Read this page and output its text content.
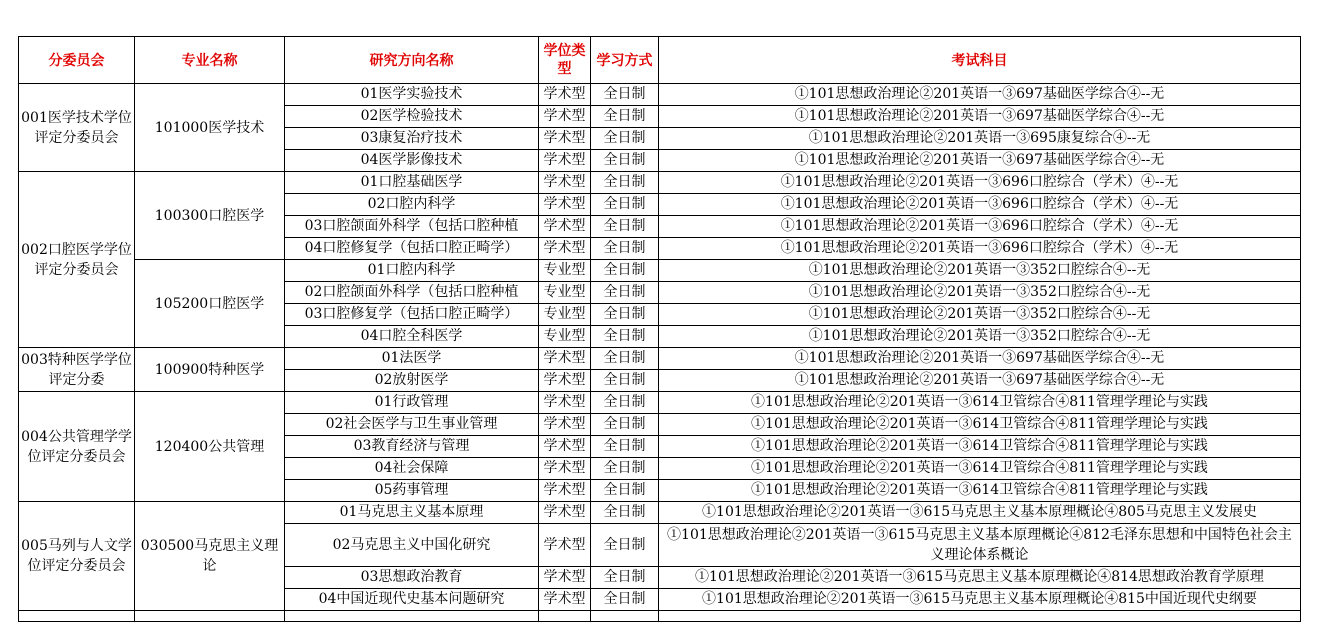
分委员会	专业名称	研究方向名称	学位类型	学习方式	考试科目
001医学技术学位评定分委员会	101000医学技术	01医学实验技术	学术型	全日制	①101思想政治理论②201英语一③697基础医学综合④--无
		02医学检验技术	学术型	全日制	①101思想政治理论②201英语一③697基础医学综合④--无
		03康复治疗技术	学术型	全日制	①101思想政治理论②201英语一③695康复综合④--无
		04医学影像技术	学术型	全日制	①101思想政治理论②201英语一③697基础医学综合④--无
002口腔医学学位评定分委员会	100300口腔医学	01口腔基础医学	学术型	全日制	①101思想政治理论②201英语一③696口腔综合（学术）④--无
		02口腔内科学	学术型	全日制	①101思想政治理论②201英语一③696口腔综合（学术）④--无
		03口腔颌面外科学（包括口腔种植	学术型	全日制	①101思想政治理论②201英语一③696口腔综合（学术）④--无
		04口腔修复学（包括口腔正畸学）	学术型	全日制	①101思想政治理论②201英语一③696口腔综合（学术）④--无
	105200口腔医学	01口腔内科学	专业型	全日制	①101思想政治理论②201英语一③352口腔综合④--无
		02口腔颌面外科学（包括口腔种植	专业型	全日制	①101思想政治理论②201英语一③352口腔综合④--无
		03口腔修复学（包括口腔正畸学）	专业型	全日制	①101思想政治理论②201英语一③352口腔综合④--无
		04口腔全科医学	专业型	全日制	①101思想政治理论②201英语一③352口腔综合④--无
003特种医学学位评定分委	100900特种医学	01法医学	学术型	全日制	①101思想政治理论②201英语一③697基础医学综合④--无
		02放射医学	学术型	全日制	①101思想政治理论②201英语一③697基础医学综合④--无
004公共管理学学位评定分委员会	120400公共管理	01行政管理	学术型	全日制	①101思想政治理论②201英语一③614卫管综合④811管理学理论与实践
		02社会医学与卫生事业管理	学术型	全日制	①101思想政治理论②201英语一③614卫管综合④811管理学理论与实践
		03教育经济与管理	学术型	全日制	①101思想政治理论②201英语一③614卫管综合④811管理学理论与实践
		04社会保障	学术型	全日制	①101思想政治理论②201英语一③614卫管综合④811管理学理论与实践
		05药事管理	学术型	全日制	①101思想政治理论②201英语一③614卫管综合④811管理学理论与实践
005马列与人文学位评定分委员会	030500马克思主义理论	01马克思主义基本原理	学术型	全日制	①101思想政治理论②201英语一③615马克思主义基本原理概论④805马克思主义发展史
		02马克思主义中国化研究	学术型	全日制	①101思想政治理论②201英语一③615马克思主义基本原理概论④812毛泽东思想和中国特色社会主义理论体系概论
		03思想政治教育	学术型	全日制	①101思想政治理论②201英语一③615马克思主义基本原理概论④814思想政治教育学原理
		04中国近现代史基本问题研究	学术型	全日制	①101思想政治理论②201英语一③615马克思主义基本原理概论④815中国近现代史纲要
